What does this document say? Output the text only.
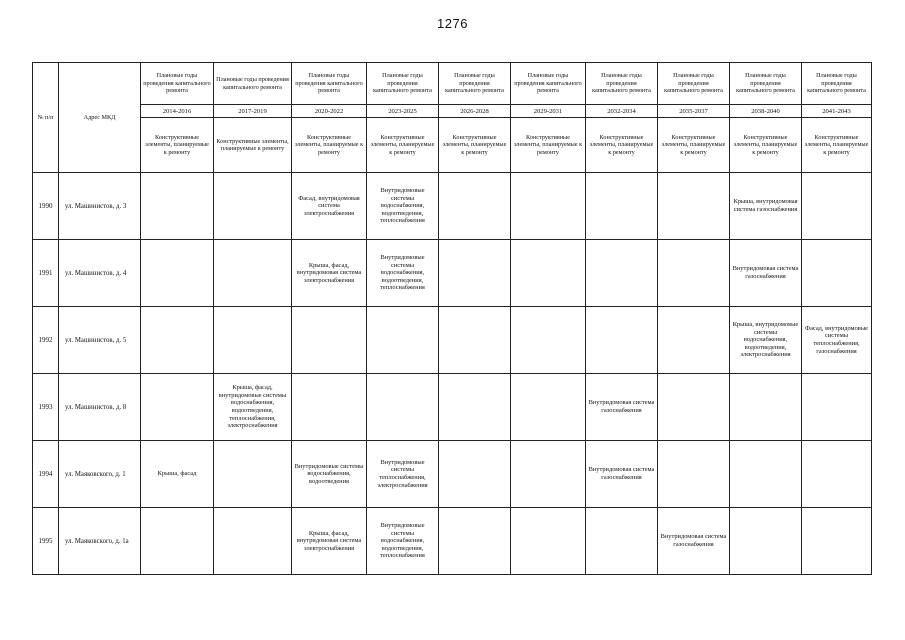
1276
№ п/п	Адрес МКД	Плановые годы проведения капитального ремонта	Плановые годы проведения капитального ремонта	Плановые годы проведения капитального ремонта	Плановые годы проведения капитального ремонта	Плановые годы проведения капитального ремонта	Плановые годы проведения капитального ремонта	Плановые годы проведения капитального ремонта	Плановые годы проведения капитального ремонта	Плановые годы проведения капитального ремонта	Плановые годы проведения капитального ремонта
		2014-2016	2017-2019	2020-2022	2023-2025	2026-2028	2029-2031	2032-2034	2035-2037	2038-2040	2041-2043
		Конструктивные элементы, планируемые к ремонту	Конструктивные элементы, планируемые к ремонту	Конструктивные элементы, планируемые к ремонту	Конструктивные элементы, планируемые к ремонту	Конструктивные элементы, планируемые к ремонту	Конструктивные элементы, планируемые к ремонту	Конструктивные элементы, планируемые к ремонту	Конструктивные элементы, планируемые к ремонту	Конструктивные элементы, планируемые к ремонту	Конструктивные элементы, планируемые к ремонту
1990	ул. Машинистов, д. 3			Фасад, внутридомовая система электроснабжения	Внутридомовые системы водоснабжения, водоотведения, теплоснабжения					Крыша, внутридомовая система газоснабжения	
1991	ул. Машинистов, д. 4			Крыша, фасад, внутридомовая система электроснабжения	Внутридомовые системы водоснабжения, водоотведения, теплоснабжения					Внутридомовая система газоснабжения	
1992	ул. Машинистов, д. 5									Крыша, внутридомовые системы водоснабжения, водоотведения, электроснабжения	Фасад, внутридомовые системы теплоснабжения, газоснабжения
1993	ул. Машинистов, д. 8		Крыша, фасад, внутридомовые системы водоснабжения, водоотведения, теплоснабжения, электроснабжения					Внутридомовая система газоснабжения			
1994	ул. Маяковского, д. 1	Крыша, фасад		Внутридомовые системы водоснабжения, водоотведения	Внутридомовые системы теплоснабжения, электроснабжения			Внутридомовая система газоснабжения			
1995	ул. Маяковского, д. 1а			Крыша, фасад, внутридомовая система электроснабжения	Внутридомовые системы водоснабжения, водоотведения, теплоснабжения				Внутридомовая система газоснабжения		
